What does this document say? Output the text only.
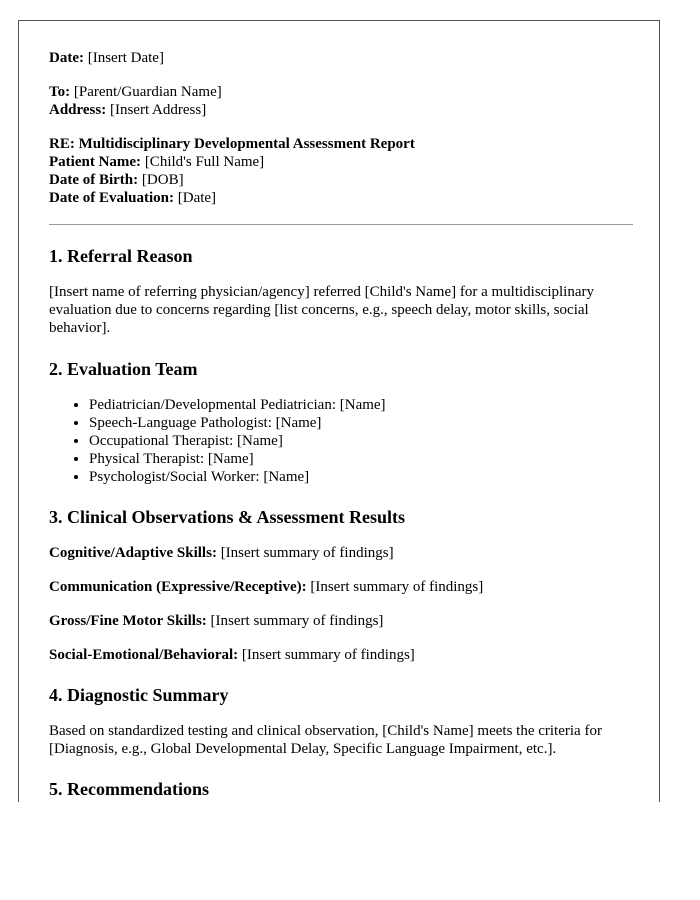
Date: [Insert Date]

To: [Parent/Guardian Name]

Address: [Insert Address]

RE: Multidisciplinary Developmental Assessment Report

Patient Name: [Child's Full Name]

Date of Birth: [DOB]

Date of Evaluation: [Date]

1. Referral Reason

[Insert name of referring physician/agency] referred [Child's Name] for a multidisciplinary evaluation due to concerns regarding [list concerns, e.g., speech delay, motor skills, social behavior].

2. Evaluation Team
• Pediatrician/Developmental Pediatrician: [Name]
• Speech-Language Pathologist: [Name]
• Occupational Therapist: [Name]
• Physical Therapist: [Name]
• Psychologist/Social Worker: [Name]
3. Clinical Observations & Assessment Results

Cognitive/Adaptive Skills: [Insert summary of findings]

Communication (Expressive/Receptive): [Insert summary of findings]

Gross/Fine Motor Skills: [Insert summary of findings]

Social-Emotional/Behavioral: [Insert summary of findings]

4. Diagnostic Summary

Based on standardized testing and clinical observation, [Child's Name] meets the criteria for [Diagnosis, e.g., Global Developmental Delay, Specific Language Impairment, etc.].

5. Recommendations
